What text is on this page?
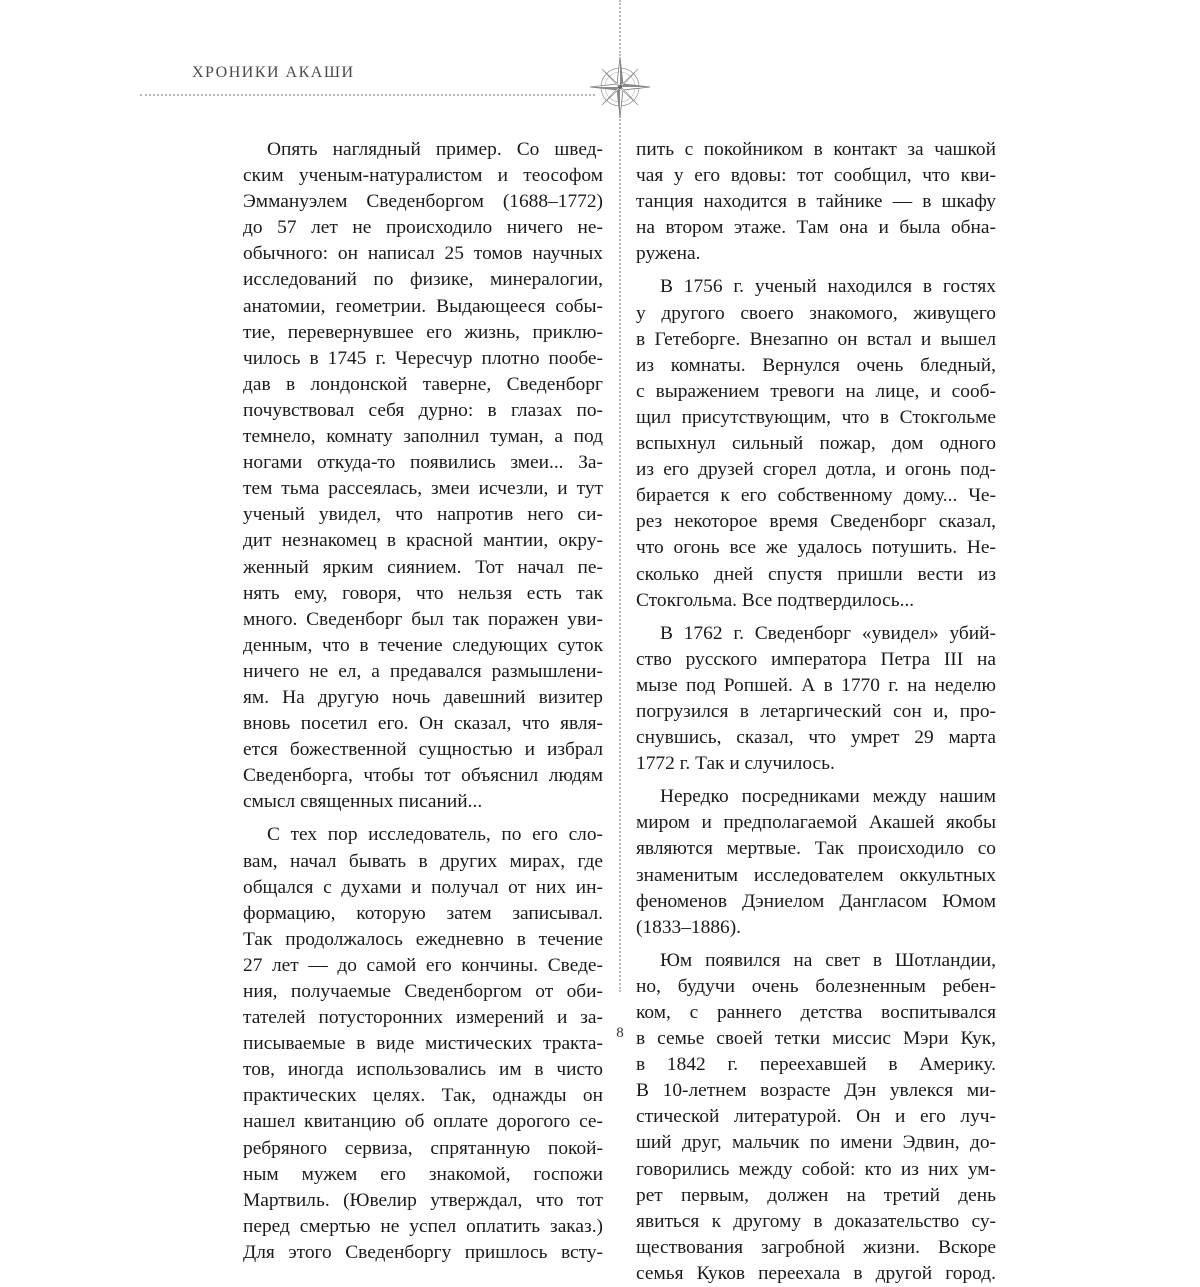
ХРОНИКИ АКАШИ
Опять наглядный пример. Со швед-
ским ученым-натуралистом и теософом
Эммануэлем Сведенборгом (1688–1772)
до 57 лет не происходило ничего не-
обычного: он написал 25 томов научных
исследований по физике, минералогии,
анатомии, геометрии. Выдающееся собы-
тие, перевернувшее его жизнь, приклю-
чилось в 1745 г. Чересчур плотно пообе-
дав в лондонской таверне, Сведенборг
почувствовал себя дурно: в глазах по-
темнело, комнату заполнил туман, а под
ногами откуда-то появились змеи... За-
тем тьма рассеялась, змеи исчезли, и тут
ученый увидел, что напротив него си-
дит незнакомец в красной мантии, окру-
женный ярким сиянием. Тот начал пе-
нять ему, говоря, что нельзя есть так
много. Сведенборг был так поражен уви-
денным, что в течение следующих суток
ничего не ел, а предавался размышлени-
ям. На другую ночь давешний визитер
вновь посетил его. Он сказал, что явля-
ется божественной сущностью и избрал
Сведенборга, чтобы тот объяснил людям
смысл священных писаний...
С тех пор исследователь, по его сло-
вам, начал бывать в других мирах, где
общался с духами и получал от них ин-
формацию, которую затем записывал.
Так продолжалось ежедневно в течение
27 лет — до самой его кончины. Сведе-
ния, получаемые Сведенборгом от оби-
тателей потусторонних измерений и за-
писываемые в виде мистических тракта-
тов, иногда использовались им в чисто
практических целях. Так, однажды он
нашел квитанцию об оплате дорогого се-
ребряного сервиза, спрятанную покой-
ным мужем его знакомой, госпожи
Мартвиль. (Ювелир утверждал, что тот
перед смертью не успел оплатить заказ.)
Для этого Сведенборгу пришлось всту-
пить с покойником в контакт за чашкой
чая у его вдовы: тот сообщил, что кви-
танция находится в тайнике — в шкафу
на втором этаже. Там она и была обна-
ружена.
В 1756 г. ученый находился в гостях
у другого своего знакомого, живущего
в Гетеборге. Внезапно он встал и вышел
из комнаты. Вернулся очень бледный,
с выражением тревоги на лице, и сооб-
щил присутствующим, что в Стокгольме
вспыхнул сильный пожар, дом одного
из его друзей сгорел дотла, и огонь под-
бирается к его собственному дому... Че-
рез некоторое время Сведенборг сказал,
что огонь все же удалось потушить. Не-
сколько дней спустя пришли вести из
Стокгольма. Все подтвердилось...
В 1762 г. Сведенборг «увидел» убий-
ство русского императора Петра III на
мызе под Ропшей. А в 1770 г. на неделю
погрузился в летаргический сон и, про-
снувшись, сказал, что умрет 29 марта
1772 г. Так и случилось.
Нередко посредниками между нашим
миром и предполагаемой Акашей якобы
являются мертвые. Так происходило со
знаменитым исследователем оккультных
феноменов Дэниелом Дангласом Юмом
(1833–1886).
Юм появился на свет в Шотландии,
но, будучи очень болезненным ребен-
ком, с раннего детства воспитывался
в семье своей тетки миссис Мэри Кук,
в 1842 г. переехавшей в Америку.
В 10-летнем возрасте Дэн увлекся ми-
стической литературой. Он и его луч-
ший друг, мальчик по имени Эдвин, до-
говорились между собой: кто из них ум-
рет первым, должен на третий день
явиться к другому в доказательство су-
ществования загробной жизни. Вскоре
семья Куков переехала в другой город.
8
